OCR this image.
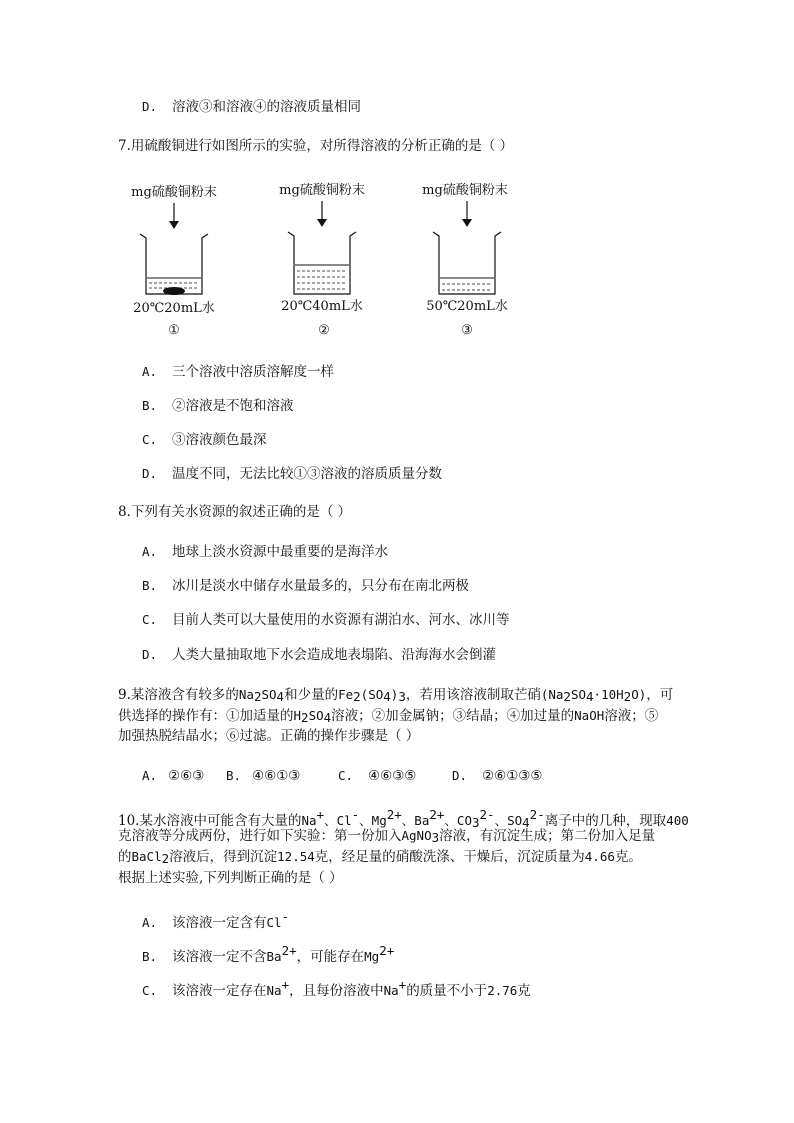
D. 溶液③和溶液④的溶液质量相同
7.用硫酸铜进行如图所示的实验，对所得溶液的分析正确的是（ ）
mg硫酸铜粉末
20℃20mL水
①
mg硫酸铜粉末
20℃40mL水
②
mg硫酸铜粉末
50℃20mL水
③
A. 三个溶液中溶质溶解度一样
B. ②溶液是不饱和溶液
C. ③溶液颜色最深
D. 温度不同，无法比较①③溶液的溶质质量分数
8.下列有关水资源的叙述正确的是（ ）
A. 地球上淡水资源中最重要的是海洋水
B. 冰川是淡水中储存水量最多的，只分布在南北两极
C. 目前人类可以大量使用的水资源有湖泊水、河水、冰川等
D. 人类大量抽取地下水会造成地表塌陷、沿海海水会倒灌
9.某溶液含有较多的$Na_2SO_4$和少量的$Fe_2(SO_4)_3$，若用该溶液制取芒硝$(Na_2SO_4\cdot 10H_2O)$，可
供选择的操作有：①加适量的$H_2SO_4$溶液；②加金属钠；③结晶；④加过量的NaOH溶液；⑤
加强热脱结晶水；⑥过滤。正确的操作步骤是（ ）
A. ②⑥③ B. ④⑥①③	C. ④⑥③⑤	D. ②⑥①③⑤
10.某水溶液中可能含有大量的Na+、Cl-、$Mg^{2+}$、$Ba^{2+}$、$CO_3^{2-}$、$SO_4^{2-}$离子中的几种，现取400
克溶液等分成两份，进行如下实验：第一份加入AgNO$_3$溶液，有沉淀生成；第二份加入足量
的BaCl$_2$溶液后，得到沉淀12.54克，经足量的硝酸洗涤、干燥后，沉淀质量为4.66克。
根据上述实验,下列判断正确的是（ ）
A. 该溶液一定含有Cl-
B. 该溶液一定不含$Ba^{2+}$，可能存在$Mg^{2+}$
C. 该溶液一定存在Na+，且每份溶液中Na+的质量不小于2.76克
